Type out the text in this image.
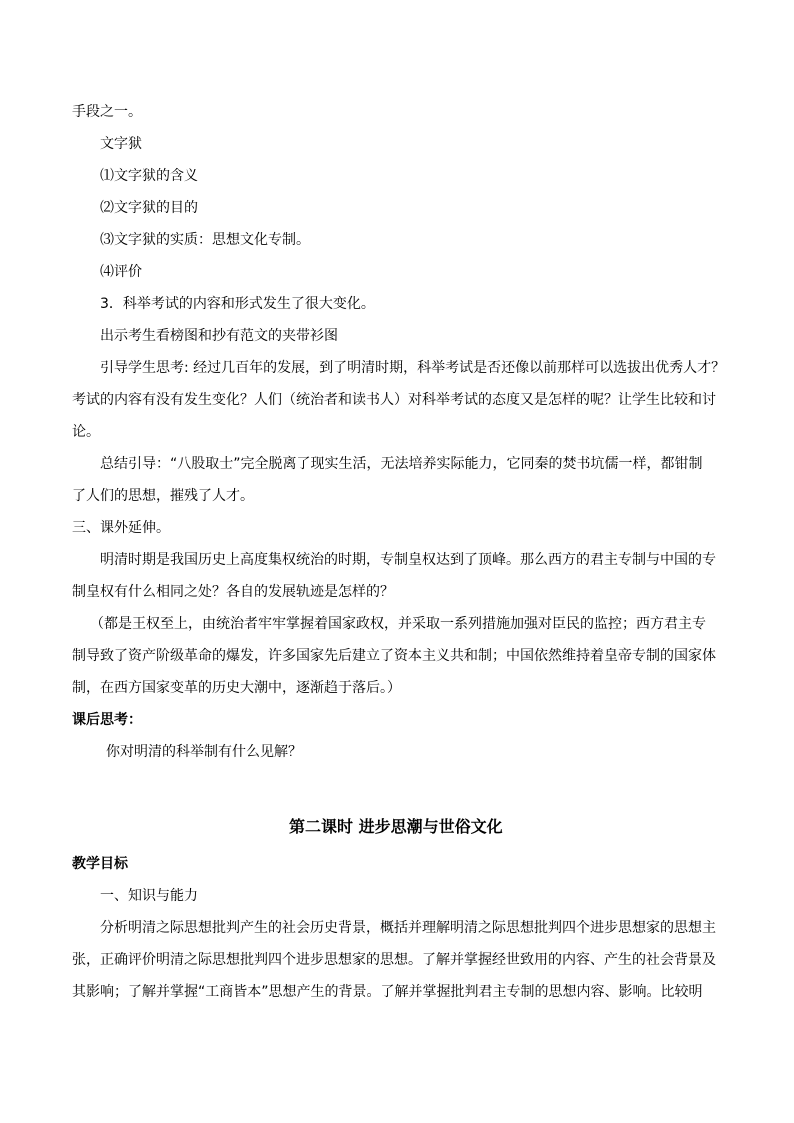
手段之一。
文字狱
⑴文字狱的含义
⑵文字狱的目的
⑶文字狱的实质：思想文化专制。
⑷评价
3．科举考试的内容和形式发生了很大变化。
出示考生看榜图和抄有范文的夹带衫图
引导学生思考: 经过几百年的发展，到了明清时期，科举考试是否还像以前那样可以选拔出优秀人才？
考试的内容有没有发生变化？人们（统治者和读书人）对科举考试的态度又是怎样的呢？让学生比较和讨
论。
总结引导：“八股取士”完全脱离了现实生活，无法培养实际能力，它同秦的焚书坑儒一样，都钳制
了人们的思想，摧残了人才。
三、课外延伸。
明清时期是我国历史上高度集权统治的时期，专制皇权达到了顶峰。那么西方的君主专制与中国的专
制皇权有什么相同之处？各自的发展轨迹是怎样的？
（都是王权至上，由统治者牢牢掌握着国家政权，并采取一系列措施加强对臣民的监控；西方君主专
制导致了资产阶级革命的爆发，许多国家先后建立了资本主义共和制；中国依然维持着皇帝专制的国家体
制，在西方国家变革的历史大潮中，逐渐趋于落后。）
课后思考：
你对明清的科举制有什么见解？
第二课时 进步思潮与世俗文化
教学目标
一、知识与能力
分析明清之际思想批判产生的社会历史背景，概括并理解明清之际思想批判四个进步思想家的思想主
张，正确评价明清之际思想批判四个进步思想家的思想。了解并掌握经世致用的内容、产生的社会背景及
其影响；了解并掌握“工商皆本”思想产生的背景。了解并掌握批判君主专制的思想内容、影响。比较明
